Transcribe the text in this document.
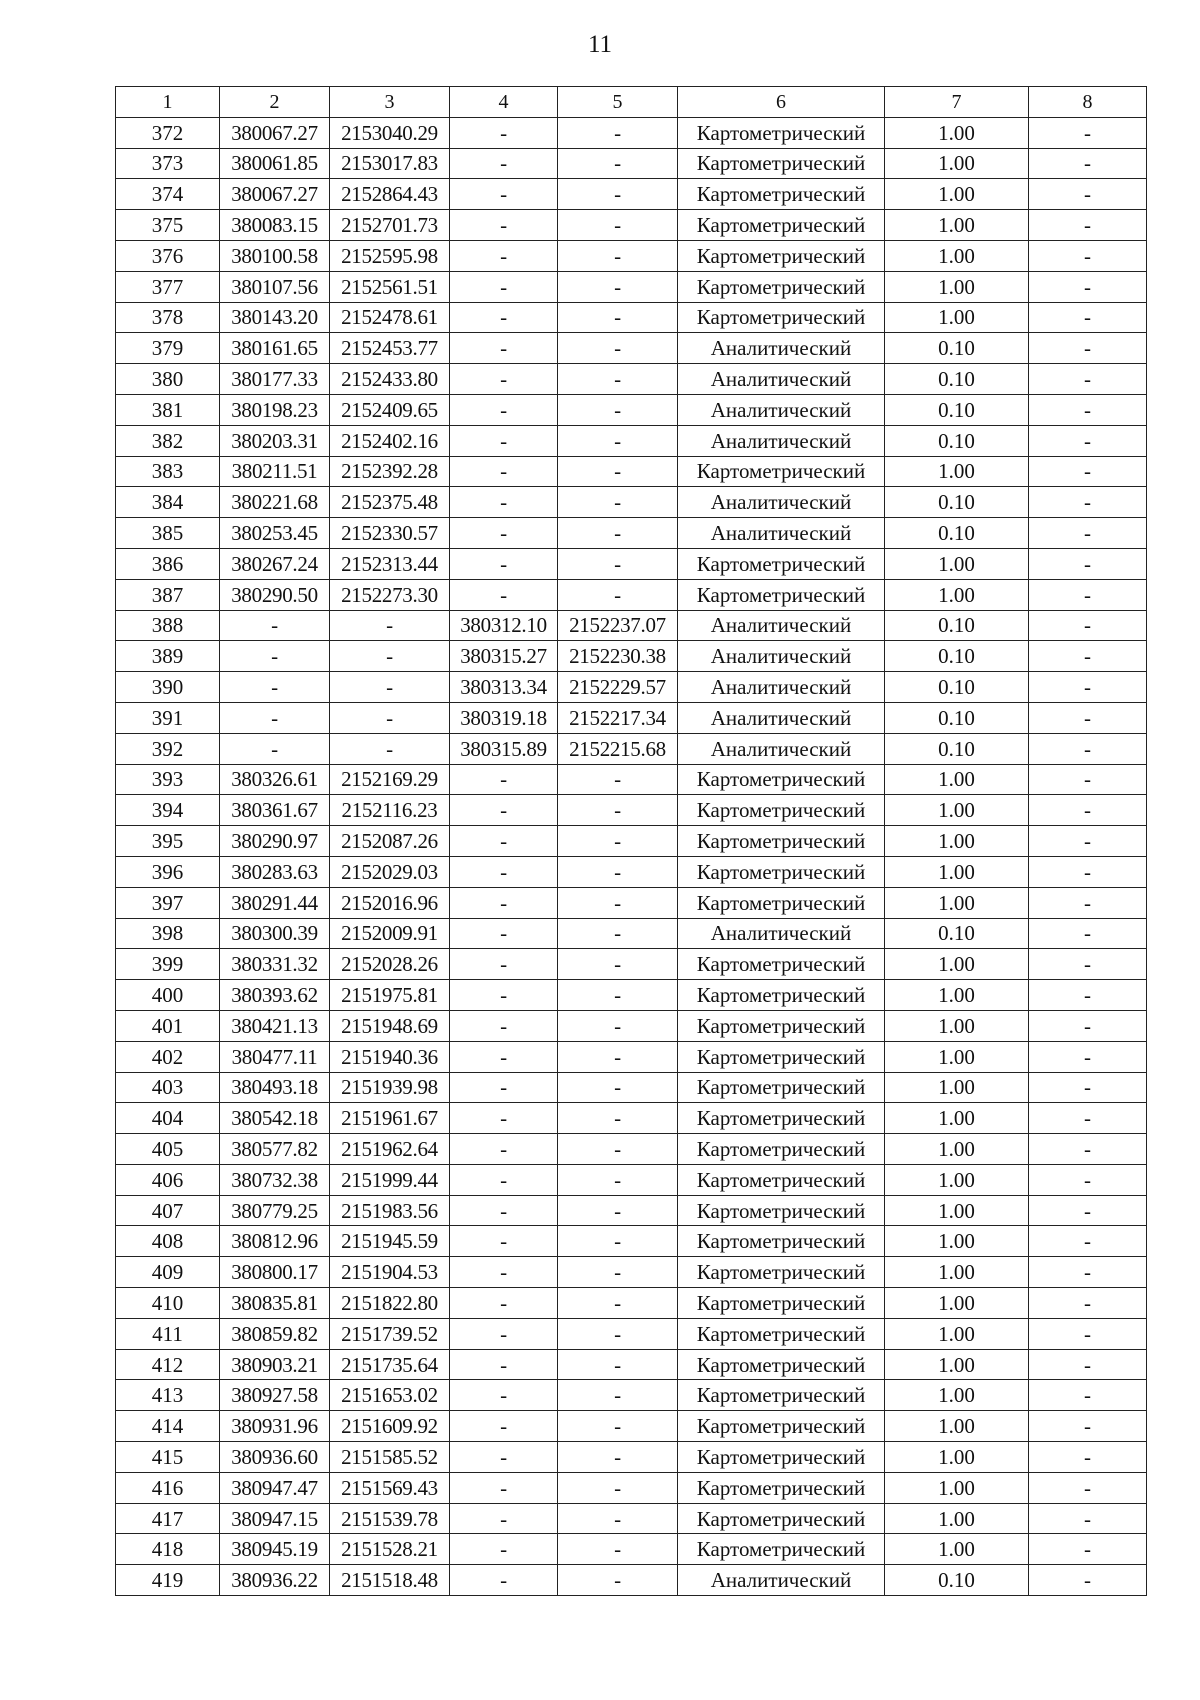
11
1	2	3	4	5	6	7	8
372	380067.27	2153040.29	-	-	Картометрический	1.00	-
373	380061.85	2153017.83	-	-	Картометрический	1.00	-
374	380067.27	2152864.43	-	-	Картометрический	1.00	-
375	380083.15	2152701.73	-	-	Картометрический	1.00	-
376	380100.58	2152595.98	-	-	Картометрический	1.00	-
377	380107.56	2152561.51	-	-	Картометрический	1.00	-
378	380143.20	2152478.61	-	-	Картометрический	1.00	-
379	380161.65	2152453.77	-	-	Аналитический	0.10	-
380	380177.33	2152433.80	-	-	Аналитический	0.10	-
381	380198.23	2152409.65	-	-	Аналитический	0.10	-
382	380203.31	2152402.16	-	-	Аналитический	0.10	-
383	380211.51	2152392.28	-	-	Картометрический	1.00	-
384	380221.68	2152375.48	-	-	Аналитический	0.10	-
385	380253.45	2152330.57	-	-	Аналитический	0.10	-
386	380267.24	2152313.44	-	-	Картометрический	1.00	-
387	380290.50	2152273.30	-	-	Картометрический	1.00	-
388	-	-	380312.10	2152237.07	Аналитический	0.10	-
389	-	-	380315.27	2152230.38	Аналитический	0.10	-
390	-	-	380313.34	2152229.57	Аналитический	0.10	-
391	-	-	380319.18	2152217.34	Аналитический	0.10	-
392	-	-	380315.89	2152215.68	Аналитический	0.10	-
393	380326.61	2152169.29	-	-	Картометрический	1.00	-
394	380361.67	2152116.23	-	-	Картометрический	1.00	-
395	380290.97	2152087.26	-	-	Картометрический	1.00	-
396	380283.63	2152029.03	-	-	Картометрический	1.00	-
397	380291.44	2152016.96	-	-	Картометрический	1.00	-
398	380300.39	2152009.91	-	-	Аналитический	0.10	-
399	380331.32	2152028.26	-	-	Картометрический	1.00	-
400	380393.62	2151975.81	-	-	Картометрический	1.00	-
401	380421.13	2151948.69	-	-	Картометрический	1.00	-
402	380477.11	2151940.36	-	-	Картометрический	1.00	-
403	380493.18	2151939.98	-	-	Картометрический	1.00	-
404	380542.18	2151961.67	-	-	Картометрический	1.00	-
405	380577.82	2151962.64	-	-	Картометрический	1.00	-
406	380732.38	2151999.44	-	-	Картометрический	1.00	-
407	380779.25	2151983.56	-	-	Картометрический	1.00	-
408	380812.96	2151945.59	-	-	Картометрический	1.00	-
409	380800.17	2151904.53	-	-	Картометрический	1.00	-
410	380835.81	2151822.80	-	-	Картометрический	1.00	-
411	380859.82	2151739.52	-	-	Картометрический	1.00	-
412	380903.21	2151735.64	-	-	Картометрический	1.00	-
413	380927.58	2151653.02	-	-	Картометрический	1.00	-
414	380931.96	2151609.92	-	-	Картометрический	1.00	-
415	380936.60	2151585.52	-	-	Картометрический	1.00	-
416	380947.47	2151569.43	-	-	Картометрический	1.00	-
417	380947.15	2151539.78	-	-	Картометрический	1.00	-
418	380945.19	2151528.21	-	-	Картометрический	1.00	-
419	380936.22	2151518.48	-	-	Аналитический	0.10	-
